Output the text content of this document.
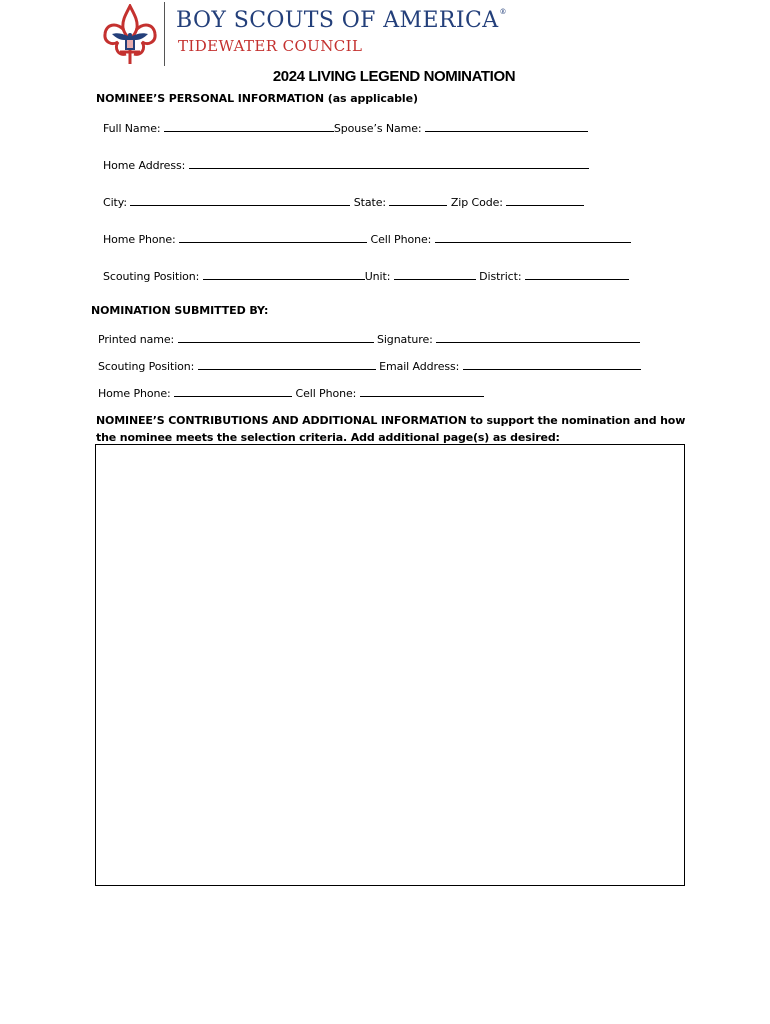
BOY SCOUTS OF AMERICA®
TIDEWATER COUNCIL
2024 LIVING LEGEND NOMINATION
NOMINEE’S PERSONAL INFORMATION (as applicable)
Full Name:	Spouse’s Name:
Home Address:
City:	State:	Zip Code:
Home Phone:	Cell Phone:
Scouting Position:	Unit:	District:
NOMINATION SUBMITTED BY:
Printed name:	Signature:
Scouting Position:	Email Address:
Home Phone:	Cell Phone:
NOMINEE’S CONTRIBUTIONS AND ADDITIONAL INFORMATION to support the nomination and how the nominee meets the selection criteria. Add additional page(s) as desired:
